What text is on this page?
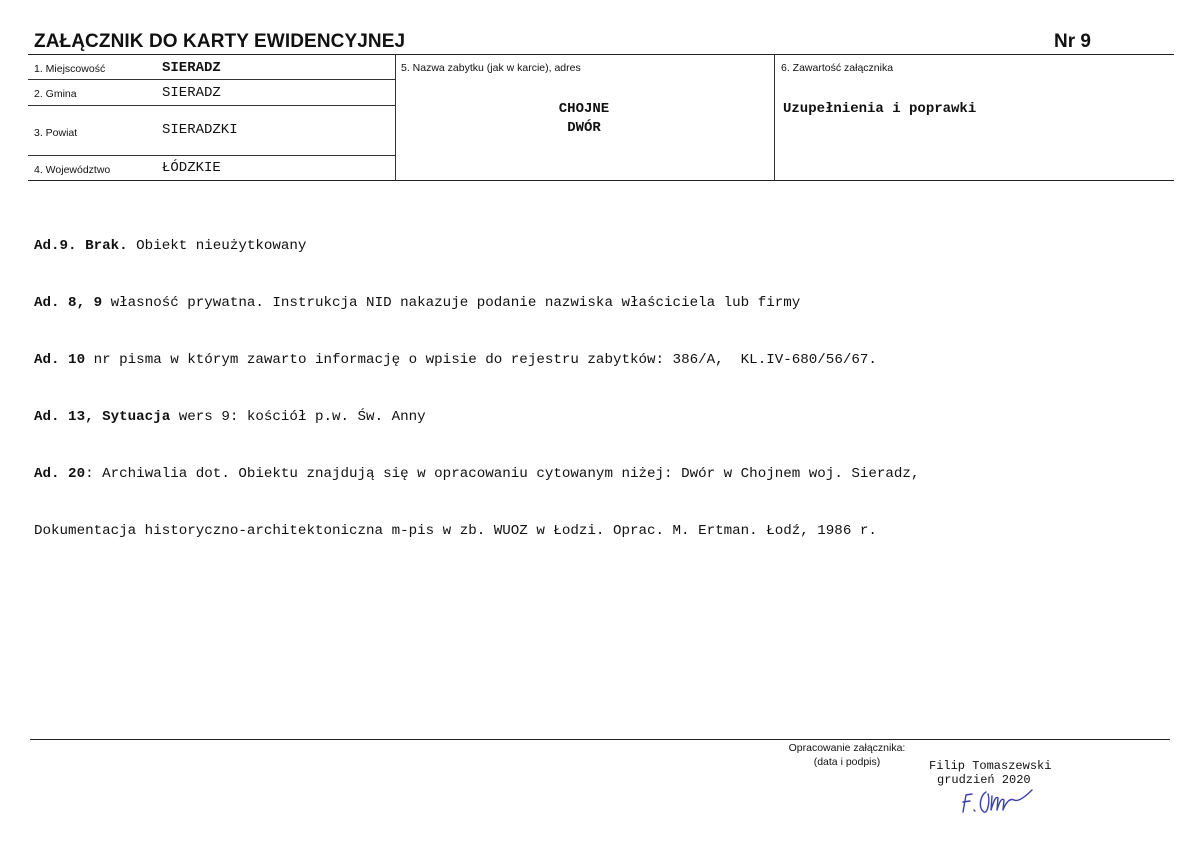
ZAŁĄCZNIK DO KARTY EWIDENCYJNEJ	Nr 9
1. Miejscowość	SIERADZ
2. Gmina	SIERADZ
3. Powiat	SIERADZKI
4. Województwo	ŁÓDZKIE
5. Nazwa zabytku (jak w karcie), adres
CHOJNE
DWÓR
6. Zawartość załącznika
Uzupełnienia i poprawki

Ad.9. Brak. Obiekt nieużytkowany

Ad. 8, 9 własność prywatna. Instrukcja NID nakazuje podanie nazwiska właściciela lub firmy

Ad. 10 nr pisma w którym zawarto informację o wpisie do rejestru zabytków: 386/A,  KL.IV-680/56/67.

Ad. 13, Sytuacja wers 9: kościół p.w. Św. Anny

Ad. 20: Archiwalia dot. Obiektu znajdują się w opracowaniu cytowanym niżej: Dwór w Chojnem woj. Sieradz,

Dokumentacja historyczno-architektoniczna m-pis w zb. WUOZ w Łodzi. Oprac. M. Ertman. Łodź, 1986 r.

Opracowanie załącznika:
(data i podpis)	Filip Tomaszewski
grudzień 2020
